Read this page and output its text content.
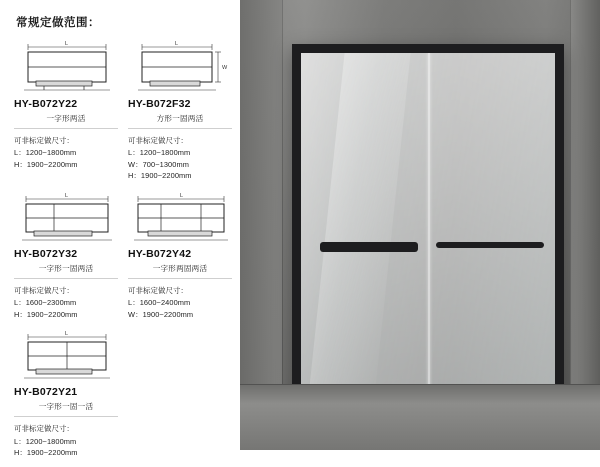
常规定做范围：
L
HY-B072Y22
一字形两活
可非标定做尺寸：
L：1200~1800mm
H：1900~2200mm
L
W
HY-B072F32
方形一固两活
可非标定做尺寸：
L：1200~1800mm
W：700~1300mm
H：1900~2200mm
L
HY-B072Y32
一字形一固两活
可非标定做尺寸：
L：1600~2300mm
H：1900~2200mm
L
HY-B072Y42
一字形两固两活
可非标定做尺寸：
L：1600~2400mm
W：1900~2200mm
L
HY-B072Y21
一字形一固一活
可非标定做尺寸：
L：1200~1800mm
H：1900~2200mm
